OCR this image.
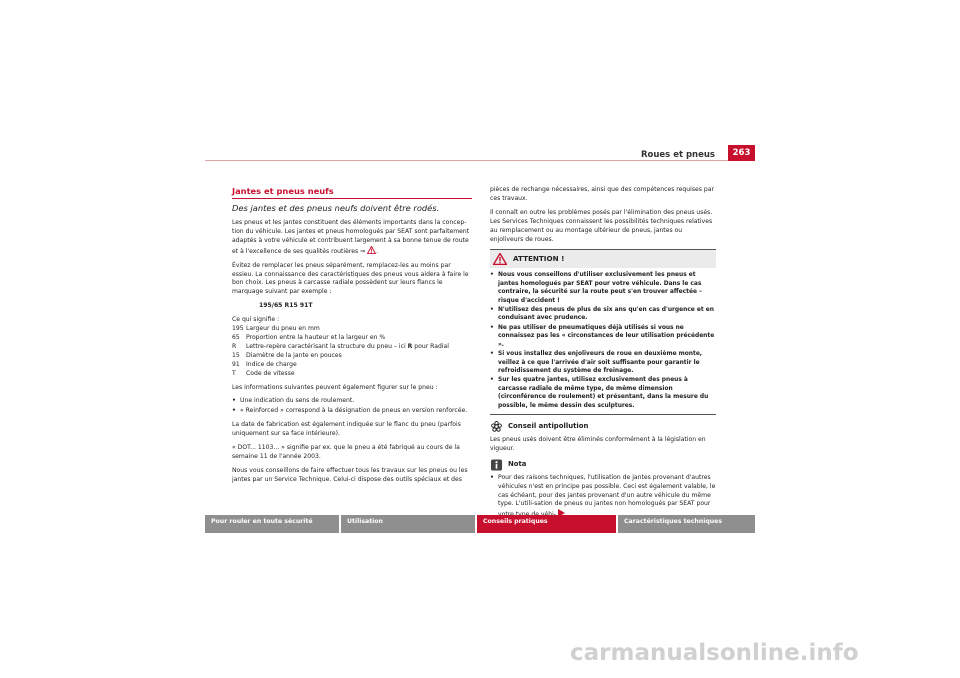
Roues et pneus	263
Jantes et pneus neufs
Des jantes et des pneus neufs doivent être rodés.

Les pneus et les jantes constituent des éléments importants dans la concep-tion du véhicule. Les jantes et pneus homologués par SEAT sont parfaitement adaptés à votre véhicule et contribuent largement à sa bonne tenue de route et à l'excellence de ses qualités routières ⇒ .

Évitez de remplacer les pneus séparément, remplacez-les au moins par essieu. La connaissance des caractéristiques des pneus vous aidera à faire le bon choix. Les pneus à carcasse radiale possèdent sur leurs flancs le marquage suivant par exemple :

195/65 R15 91T
Ce qui signifie :
195 Largeur du pneu en mm
65	Proportion entre la hauteur et la largeur en %
R	Lettre-repère caractérisant la structure du pneu – ici R pour Radial
15	Diamètre de la jante en pouces
91	Indice de charge
T	Code de vitesse

Les informations suivantes peuvent également figurer sur le pneu :

• Une indication du sens de roulement.
• « Reinforced » correspond à la désignation de pneus en version renforcée.

La date de fabrication est également indiquée sur le flanc du pneu (parfois uniquement sur sa face intérieure).

« DOT... 1103... » signifie par ex. que le pneu a été fabriqué au cours de la semaine 11 de l'année 2003.

Nous vous conseillons de faire effectuer tous les travaux sur les pneus ou les jantes par un Service Technique. Celui-ci dispose des outils spéciaux et des

pièces de rechange nécessaires, ainsi que des compétences requises par ces travaux.

Il connaît en outre les problèmes posés par l'élimination des pneus usés. Les Services Techniques connaissent les possibilités techniques relatives au remplacement ou au montage ultérieur de pneus, jantes ou enjoliveurs de roues.

ATTENTION !
• Nous vous conseillons d'utiliser exclusivement les pneus et jantes homologués par SEAT pour votre véhicule. Dans le cas contraire, la sécurité sur la route peut s'en trouver affectée – risque d'accident !
• N'utilisez des pneus de plus de six ans qu'en cas d'urgence et en conduisant avec prudence.
• Ne pas utiliser de pneumatiques déjà utilisés si vous ne connaissez pas les « circonstances de leur utilisation précédente ».
• Si vous installez des enjoliveurs de roue en deuxième monte, veillez à ce que l'arrivée d'air soit suffisante pour garantir le refroidissement du système de freinage.
• Sur les quatre jantes, utilisez exclusivement des pneus à carcasse radiale de même type, de même dimension (circonférence de roulement) et présentant, dans la mesure du possible, le même dessin des sculptures.
Conseil antipollution

Les pneus usés doivent être éliminés conformément à la législation en vigueur.

Nota
• Pour des raisons techniques, l'utilisation de jantes provenant d'autres véhicules n'est en principe pas possible. Ceci est également valable, le cas échéant, pour des jantes provenant d'un autre véhicule du même type. L'utili-sation de pneus ou jantes non homologués par SEAT pour
Pour rouler en toute sécurité	Utilisation	Conseils pratiques	Caractéristiques techniques
carmanualsonline.info
